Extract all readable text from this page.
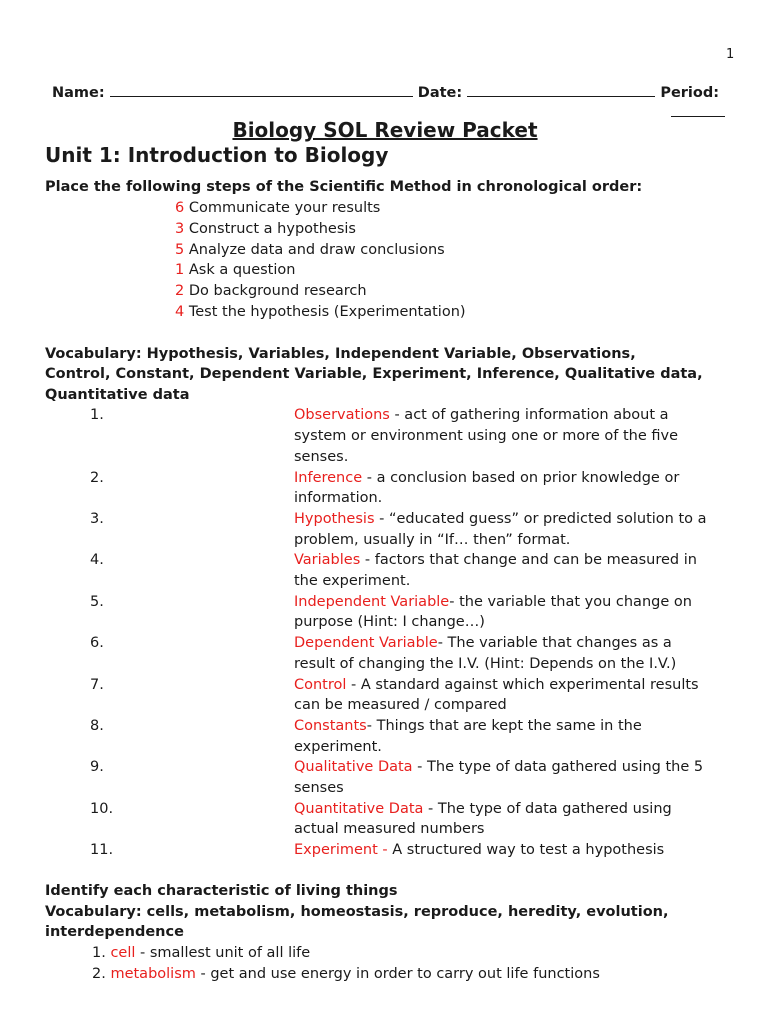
1
Name:	Date:	Period:
Biology SOL Review Packet
Unit 1: Introduction to Biology
Place the following steps of the Scientific Method in chronological order:
6 Communicate your results
3 Construct a hypothesis
5 Analyze data and draw conclusions
1 Ask a question
2 Do background research
4 Test the hypothesis (Experimentation)
Vocabulary: Hypothesis, Variables, Independent Variable, Observations,
Control, Constant, Dependent Variable, Experiment, Inference, Qualitative data,
Quantitative data
1.	Observations - act of gathering information about a
system or environment using one or more of the five
senses.
2.	Inference - a conclusion based on prior knowledge or
information.
3.	Hypothesis - “educated guess” or predicted solution to a
problem, usually in “If… then” format.
4.	Variables - factors that change and can be measured in
the experiment.
5.	Independent Variable- the variable that you change on
purpose (Hint: I change…)
6.	Dependent Variable- The variable that changes as a
result of changing the I.V. (Hint: Depends on the I.V.)
7.	Control - A standard against which experimental results
can be measured / compared
8.	Constants- Things that are kept the same in the
experiment.
9.	Qualitative Data - The type of data gathered using the 5
senses
10.	Quantitative Data - The type of data gathered using
actual measured numbers
11.	Experiment - A structured way to test a hypothesis
Identify each characteristic of living things
Vocabulary: cells, metabolism, homeostasis, reproduce, heredity, evolution,
interdependence
1. cell - smallest unit of all life
2. metabolism - get and use energy in order to carry out life functions
